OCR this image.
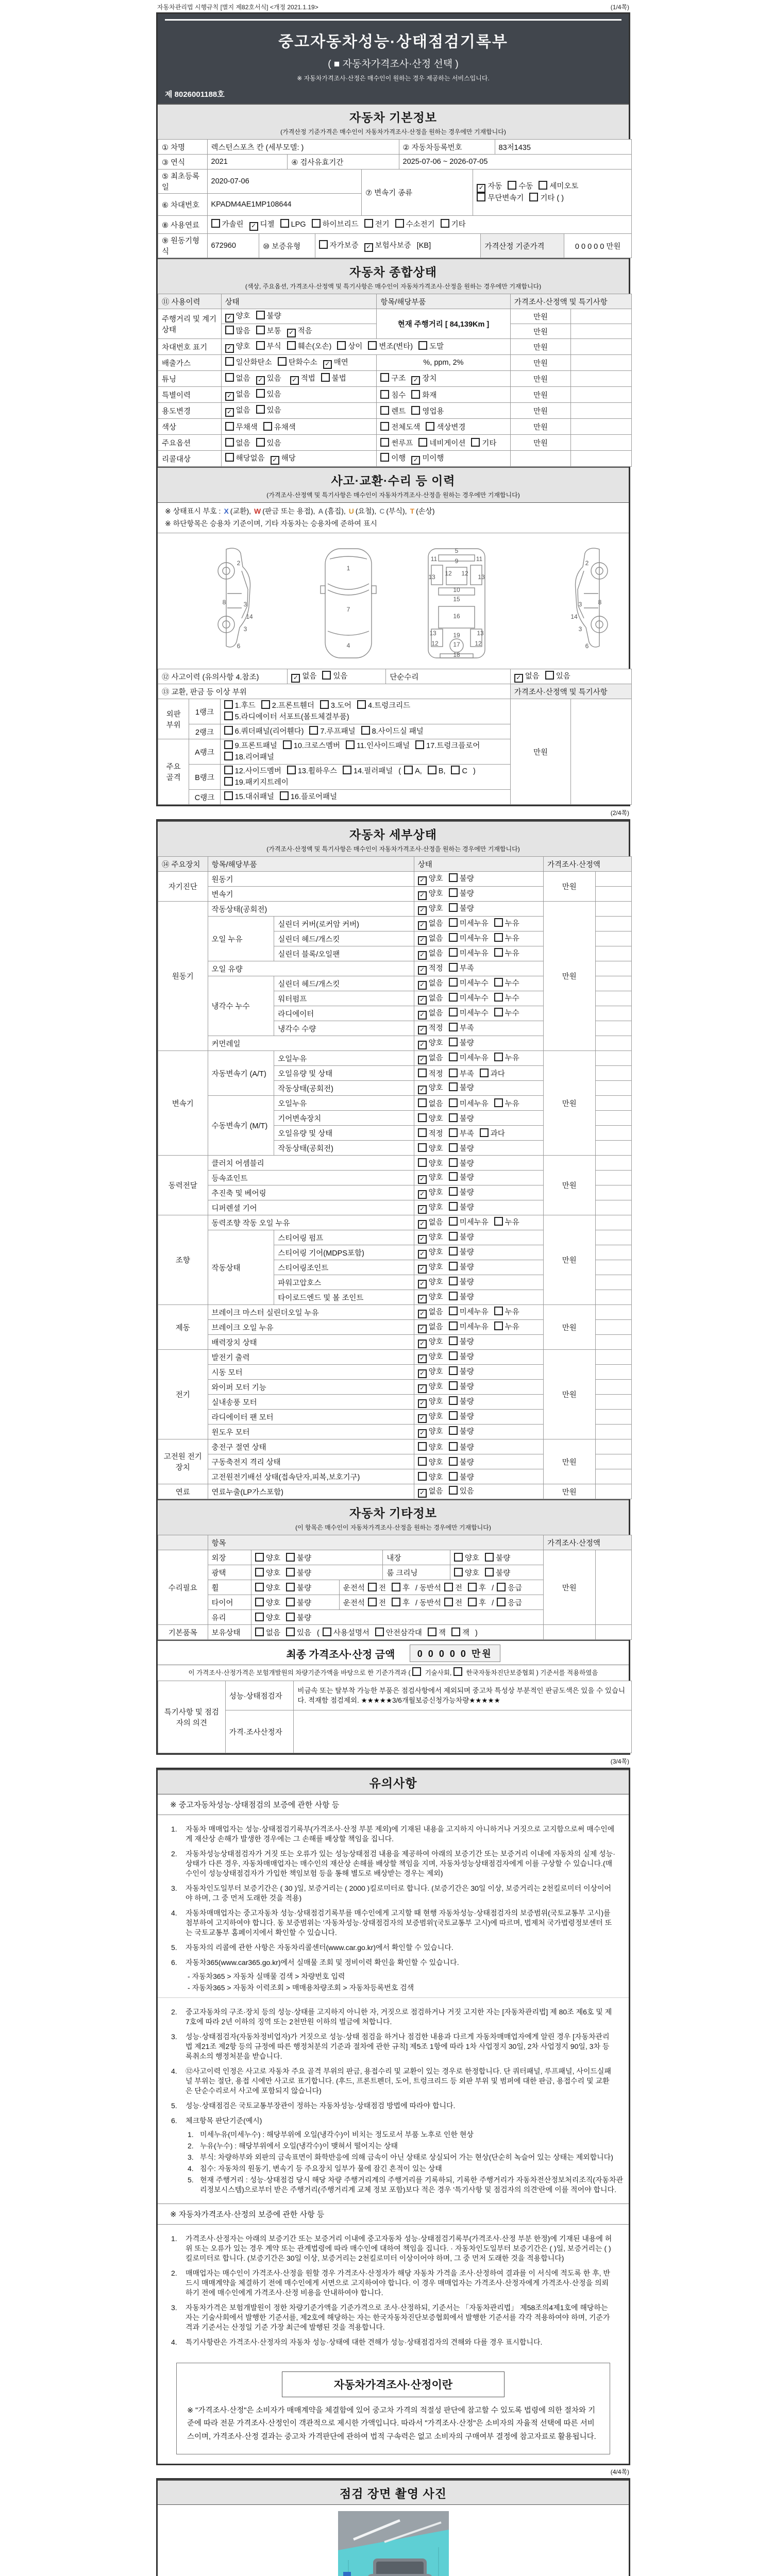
자동차관리법 시행규칙 [별지 제82호서식] <개정 2021.1.19>	(1/4쪽)
중고자동차성능·상태점검기록부
( ■ 자동차가격조사·산정 선택 )
※ 자동차가격조사·산정은 매수인이 원하는 경우 제공하는 서비스입니다.
제 8026001188호
자동차 기본정보
(가격산정 기준가격은 매수인이 자동차가격조사·산정을 원하는 경우에만 기재합니다)
① 차명	렉스턴스포츠 칸 (세부모델: )	② 자동차등록번호	83저1435
③ 연식	2021	④ 검사유효기간	2025-07-06 ~ 2026-07-05
⑤ 최초등록일	2020-07-06	⑦ 변속기 종류	✓ 자동 수동 세미오토
무단변속기 기타 ( )

⑥ 차대번호	KPADM4AE1MP108644		
⑧ 사용연료	가솔린 ✓ 디젤 LPG 하이브리드 전기 수소전기 기타
⑨ 원동기형식	672960	⑩ 보증유형	자가보증 ✓ 보험사보증 [KB]	가격산정 기준가격	0 0 0 0 0 만원
자동차 종합상태
(색상, 주요옵션, 가격조사·산정액 및 특기사항은 매수인이 자동차가격조사·산정을 원하는 경우에만 기재합니다)
⑪ 사용이력	상태	항목/해당부품	가격조사·산정액 및 특기사항
주행거리 및 계기상태	✓ 양호 불량	현재 주행거리 [ 84,139Km ]	만원	
	많음 보통 ✓ 적음		만원	
차대번호 표기	✓ 양호 부식 훼손(오손) 상이 변조(변타) 도말		만원	
배출가스	일산화탄소 탄화수소 ✓ 매연	%, ppm, 2%	만원	
튜닝	없음 ✓ 있음 ✓ 적법 불법	구조 ✓ 장치	만원	
특별이력	✓ 없음 있음	침수 화재	만원	
용도변경	✓ 없음 있음	렌트 영업용	만원	
색상	무채색 유채색	전체도색 색상변경	만원	
주요옵션	없음 있음	썬루프 네비게이션 기타	만원	
리콜대상	해당없음 ✓ 해당	이행 ✓ 미이행		
사고·교환·수리 등 이력
(가격조사·산정액 및 특기사항은 매수인이 자동차가격조사·산정을 원하는 경우에만 기재합니다)
※ 상태표시 부호 : X (교환), W (판금 또는 용접), A (흠집), U (요철), C (부식), T (손상)
※ 하단항목은 승용차 기준이며, 기타 자동차는 승용차에 준하여 표시
2
8	3
14
3
6
1
7
4
5
11	11
9
13	13
12 12
10
15
16
19
13	13
17
12	12
18
2
8
3
14
3
6
⑫ 사고이력 (유의사항 4.참조)	✓ 없음 있음	단순수리	✓ 없음 있음
⑬ 교환, 판금 등 이상 부위	가격조사·산정액 및 특기사항
외판 부위	1랭크	1.후드 2.프론트휀더 3.도어 4.트렁크리드
5.라디에이터 서포트(볼트체결부품)	만원	
	2랭크	6.쿼더패널(리어휀다) 7.루프패널 8.사이드실 패널		

주요 골격	A랭크	9.프론트패널 10.크로스멤버 11.인사이드패널 17.트렁크플로어
18.리어패널		

	B랭크	12.사이드멤버 13.휠하우스 14.필러패널 ( A, B, C )
19.패키지트레이		

	C랭크	15.대쉬패널 16.플로어패널		
(2/4쪽)
자동차 세부상태
(가격조사·산정액 및 특기사항은 매수인이 자동차가격조사·산정을 원하는 경우에만 기재합니다)
⑭ 주요장치	항목/해당부품	상태	가격조사·산정액
자기진단	원동기		✓ 양호 불량	만원	
	변속기		✓ 양호 불량		
원동기	작동상태(공회전)		✓ 양호 불량	만원	
	오일 누유	실린더 커버(로커암 커버)	✓ 없음 미세누유 누유		
		실린더 헤드/개스킷	✓ 없음 미세누유 누유		
		실린더 블록/오일팬	✓ 없음 미세누유 누유		
	오일 유량		✓ 적정 부족		
	냉각수 누수	실린더 헤드/개스킷	✓ 없음 미세누수 누수		
		워터펌프	✓ 없음 미세누수 누수		
		라디에이터	✓ 없음 미세누수 누수		
		냉각수 수량	✓ 적정 부족		
	커먼레일		✓ 양호 불량		
변속기	자동변속기 (A/T)	오일누유	✓ 없음 미세누유 누유	만원	
		오일유량 및 상태	적정 부족 과다		
		작동상태(공회전)	✓ 양호 불량		
	수동변속기 (M/T)	오일누유	없음 미세누유 누유		
		기어변속장치	양호 불량		
		오일유량 및 상태	적정 부족 과다		
		작동상태(공회전)	양호 불량		
동력전달	클러치 어셈블리		양호 불량	만원	
	등속죠인트		✓ 양호 불량		
	추진축 및 베어링		✓ 양호 불량		
	디퍼렌셜 기어		✓ 양호 불량		
조향	동력조향 작동 오일 누유		✓ 없음 미세누유 누유	만원	
	작동상태	스티어링 펌프	✓ 양호 불량		
		스티어링 기어(MDPS포함)	✓ 양호 불량		
		스티어링조인트	✓ 양호 불량		
		파워고압호스	✓ 양호 불량		
		타이로드엔드 및 볼 조인트	✓ 양호 불량		
제동	브레이크 마스터 실린더오일 누유		✓ 없음 미세누유 누유	만원	
	브레이크 오일 누유		✓ 없음 미세누유 누유		
	배력장치 상태		✓ 양호 불량		
전기	발전기 출력		✓ 양호 불량	만원	
	시동 모터		✓ 양호 불량		
	와이퍼 모터 기능		✓ 양호 불량		
	실내송풍 모터		✓ 양호 불량		
	라디에이터 팬 모터		✓ 양호 불량		
	윈도우 모터		✓ 양호 불량		
고전원 전기장치	충전구 절연 상태		양호 불량	만원	
	구동축전지 격리 상태		양호 불량		
	고전원전기배선 상태(접속단자,피복,보호기구)		양호 불량		
연료	연료누출(LP가스포함)		✓ 없음 있음	만원	
자동차 기타정보
(이 항목은 매수인이 자동차가격조사·산정을 원하는 경우에만 기재합니다)
	항목	가격조사·산정액
수리필요	외장	양호 불량		내장	양호 불량	만원	
	광택	양호 불량		룸 크리닝	양호 불량		
	휠	양호 불량	운전석 전 후 / 동반석 전 후 / 응급				
	타이어	양호 불량	운전석 전 후 / 동반석 전 후 / 응급				
	유리	양호 불량					
기본품목	보유상태	없음 있음 ( 사용설명서 안전삼각대 잭 잭 )					
최종 가격조사·산정 금액 0 0 0 0 0 만원
이 가격조사·산정가격은 보험개발원의 차량기준가액을 바탕으로 한 기준가격과 ( 기술사회, 한국자동차진단보증협회 ) 기준서를 적용하였음
특기사항 및 점검자의 의견	성능·상태점검자	비금속 또는 탈부착 가능한 부품은 점검사항에서 제외되며 중고차 특성상 부분적인 판금도색은 있을 수 있습니다. 적재함 점검제외. ★★★★★3/6개월보증신청가능차량★★★★★
	가격·조사산정자	
(3/4쪽)
유의사항
※ 중고자동차성능·상태점검의 보증에 관한 사항 등
1.	자동차 매매업자는 성능·상태점검기록부(가격조사·산정 부분 제외)에 기재된 내용을 고지하지 아니하거나 거짓으로 고지함으로써 매수인에게 재산상 손해가 발생한 경우에는 그 손해를 배상할 책임을 집니다.
2.	자동차성능상태점검자가 거짓 또는 오류가 있는 성능상태점검 내용을 제공하여 아래의 보증기간 또는 보증거리 이내에 자동차의 실제 성능·상태가 다른 경우, 자동차매매업자는 매수인의 재산상 손해를 배상할 책임을 지며, 자동차성능상태점검자에게 이를 구상할 수 있습니다.(매수인이 성능상태점검자가 가입한 책임보험 등을 통해 별도로 배상받는 경우는 제외)
3.	자동차인도일부터 보증기간은 ( 30 )일, 보증거리는 ( 2000 )킬로미터로 합니다. (보증기간은 30일 이상, 보증거리는 2천킬로미터 이상이어야 하며, 그 중 먼저 도래한 것을 적용)
4.	자동차매매업자는 중고자동차 성능·상태점검기록부를 매수인에게 고지할 때 현행 자동차성능·상태점검자의 보증범위(국토교통부 고시)를 첨부하여 고지하여야 합니다. 동 보증범위는 '자동차성능·상태점검자의 보증범위'(국토교통부 고시)에 따르며, 법제처 국가법령정보센터 또는 국토교통부 홈페이지에서 확인할 수 있습니다.
5.	자동차의 리콜에 관한 사항은 자동차리콜센터(www.car.go.kr)에서 확인할 수 있습니다.
6.	자동차365(www.car365.go.kr)에서 실매물 조회 및 정비이력 확인을 확인할 수 있습니다.
- 자동차365 > 자동차 실매물 검색 > 차량번호 입력
- 자동차365 > 자동차 이력조회 > 매매용차량조회 > 자동차등록번호 검색
2.	중고자동차의 구조·장치 등의 성능·상태를 고지하지 아니한 자, 거짓으로 점검하거나 거짓 고지한 자는 [자동차관리법] 제 80조 제6호 및 제7호에 따라 2년 이하의 징역 또는 2천만원 이하의 벌금에 처합니다.
3.	성능·상태점검자(자동차정비업자)가 거짓으로 성능·상태 점검을 하거나 점검한 내용과 다르게 자동차매매업자에게 알린 경우 [자동차관리법 제21조 제2항 등의 규정에 따른 행정처분의 기준과 절차에 관한 규칙] 제5조 1항에 따라 1차 사업정지 30일, 2차 사업정지 90일, 3차 등록취소의 행정처분을 받습니다.
4.	⑫사고이력 인정은 사고로 자동차 주요 골격 부위의 판금, 용접수리 및 교환이 있는 경우로 한정합니다. 단 쿼터패널, 루프패널, 사이드실패널 부위는 절단, 용접 시에만 사고로 표기합니다. (후드, 프론트펜더, 도어, 트렁크리드 등 외판 부위 및 범퍼에 대한 판금, 용접수리 및 교환은 단순수리로서 사고에 포함되지 않습니다)
5.	성능·상태점검은 국토교통부장관이 정하는 자동차성능·상태점검 방법에 따라야 합니다.
6.	체크항목 판단기준(예시)
1. 미세누유(미세누수) : 해당부위에 오일(냉각수)이 비치는 정도로서 부품 노후로 인한 현상
2. 누유(누수) : 해당부위에서 오일(냉각수)이 맺혀서 떨어지는 상태
3. 부식: 차량하부와 외판의 금속표면이 화학반응에 의해 금속이 아닌 상태로 상실되어 가는 현상(단순히 녹슬어 있는 상태는 제외합니다)
4. 침수: 자동차의 원동기, 변속기 등 주요장치 일부가 물에 잠긴 흔적이 있는 상태
5. 현재 주행거리 : 성능·상태점검 당시 해당 차량 주행거리계의 주행거리를 기록하되, 기록한 주행거리가 자동차전산정보처리조직(자동차관리정보시스템)으로부터 받은 주행거리(주행거리계 교체 정보 포함)보다 적은 경우 '특기사항 및 점검자의 의견'란에 이를 적어야 합니다.
※ 자동차가격조사·산정의 보증에 관한 사항 등
1.	가격조사·산정자는 아래의 보증기간 또는 보증거리 이내에 중고자동차 성능·상태점검기록부(가격조사·산정 부분 한정)에 기재된 내용에 허위 또는 오류가 있는 경우 계약 또는 관계법령에 따라 매수인에 대하여 책임을 집니다. · 자동차인도일부터 보증기간은 ( )일, 보증거리는 ( )킬로미터로 합니다. (보증기간은 30일 이상, 보증거리는 2천킬로미터 이상이어야 하며, 그 중 먼저 도래한 것을 적용합니다)
2.	매매업자는 매수인이 가격조사·산정을 원할 경우 가격조사·산정자가 해당 자동차 가격을 조사·산정하여 결과를 이 서식에 적도록 한 후, 반드시 매매계약을 체결하기 전에 매수인에게 서면으로 고지하여야 합니다. 이 경우 매매업자는 가격조사·산정자에게 가격조사·산정을 의뢰하기 전에 매수인에게 가격조사·산정 비용을 안내하여야 합니다.
3.	자동차가격은 보험개발원이 정한 차량기준가액을 기준가격으로 조사·산정하되, 기준서는 「자동차관리법」 제58조의4제1호에 해당하는 자는 기술사회에서 발행한 기준서를, 제2호에 해당하는 자는 한국자동차진단보증협회에서 발행한 기준서를 각각 적용하여야 하며, 기준가격과 기준서는 산정일 기준 가장 최근에 발행된 것을 적용합니다.
4.	특기사항란은 가격조사·산정자의 자동차 성능·상태에 대한 견해가 성능·상태점검자의 견해와 다를 경우 표시합니다.
자동차가격조사·산정이란
※ "가격조사·산정"은 소비자가 매매계약을 체결함에 있어 중고차 가격의 적절성 판단에 참고할 수 있도록 법령에 의한 절차와 기준에 따라 전문 가격조사·산정인이 객관적으로 제시한 가액입니다. 따라서 "가격조사·산정"은 소비자의 자율적 선택에 따른 서비스이며, 가격조사·산정 결과는 중고차 가격판단에 관하여 법적 구속력은 없고 소비자의 구매여부 결정에 참고자료로 활용됩니다.
(4/4쪽)
점검 장면 촬영 사진
